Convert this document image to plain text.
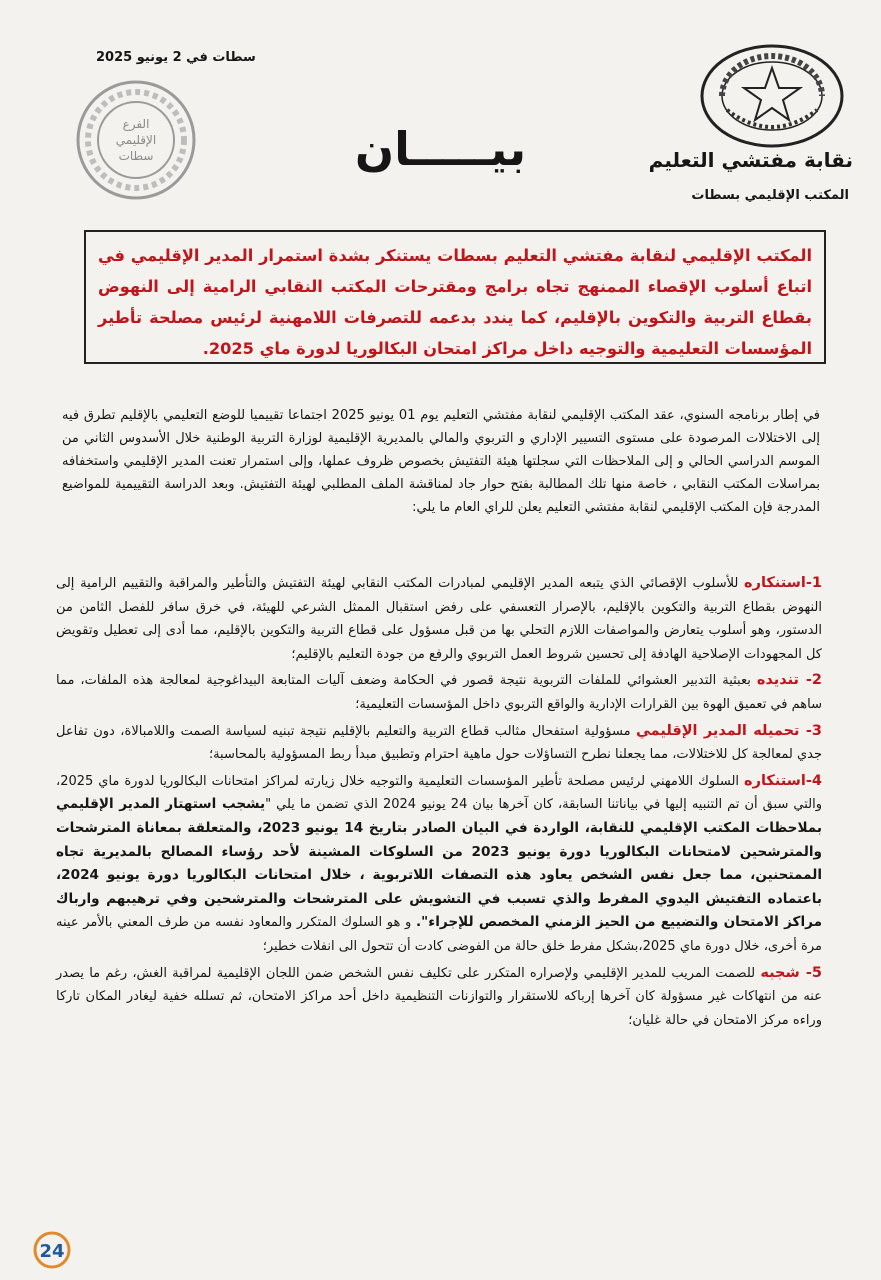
نقابة مفتشي التعليم
المكتب الإقليمي بسطات
سطات في 2 يونيو 2025
الفرع
الإقليمي
سطات	بيـــــان
المكتب الإقليمي لنقابة مفتشي التعليم بسطات يستنكر بشدة استمرار المدير الإقليمي في اتباع أسلوب الإقصاء الممنهج تجاه برامج ومقترحات المكتب النقابي الرامية إلى النهوض بقطاع التربية والتكوين بالإقليم، كما يندد بدعمه للتصرفات اللامهنية لرئيس مصلحة تأطير المؤسسات التعليمية والتوجيه داخل مراكز امتحان البكالوريا لدورة ماي 2025.
في إطار برنامجه السنوي، عقد المكتب الإقليمي لنقابة مفتشي التعليم يوم 01 يونيو 2025 اجتماعا تقييميا للوضع التعليمي بالإقليم تطرق فيه إلى الاختلالات المرصودة على مستوى التسيير الإداري و التربوي والمالي بالمديرية الإقليمية لوزارة التربية الوطنية خلال الأسدوس الثاني من الموسم الدراسي الحالي و إلى الملاحظات التي سجلتها هيئة التفتيش بخصوص ظروف عملها، وإلى استمرار تعنت المدير الإقليمي واستخفافه بمراسلات المكتب النقابي ، خاصة منها تلك المطالبة بفتح حوار جاد لمناقشة الملف المطلبي لهيئة التفتيش. وبعد الدراسة التقييمية للمواضيع المدرجة فإن المكتب الإقليمي لنقابة مفتشي التعليم يعلن للراي العام ما يلي:

1-استنكاره للأسلوب الإقصائي الذي يتبعه المدير الإقليمي لمبادرات المكتب النقابي لهيئة التفتيش والتأطير والمراقبة والتقييم الرامية إلى النهوض بقطاع التربية والتكوين بالإقليم، بالإصرار التعسفي على رفض استقبال الممثل الشرعي للهيئة، في خرق سافر للفصل الثامن من الدستور، وهو أسلوب يتعارض والمواصفات اللازم التحلي بها من قبل مسؤول على قطاع التربية والتكوين بالإقليم، مما أدى إلى تعطيل وتقويض كل المجهودات الإصلاحية الهادفة إلى تحسين شروط العمل التربوي والرفع من جودة التعليم بالإقليم؛

2- تنديده بعبثية التدبير العشوائي للملفات التربوية نتيجة قصور في الحكامة وضعف آليات المتابعة البيداغوجية لمعالجة هذه الملفات، مما ساهم في تعميق الهوة بين القرارات الإدارية والواقع التربوي داخل المؤسسات التعليمية؛

3- تحميله المدير الإقليمي مسؤولية استفحال مثالب قطاع التربية والتعليم بالإقليم نتيجة تبنيه لسياسة الصمت واللامبالاة، دون تفاعل جدي لمعالجة كل للاختلالات، مما يجعلنا نطرح التساؤلات حول ماهية احترام وتطبيق مبدأ ربط المسؤولية بالمحاسبة؛

4-استنكاره السلوك اللامهني لرئيس مصلحة تأطير المؤسسات التعليمية والتوجيه خلال زيارته لمراكز امتحانات البكالوريا لدورة ماي 2025، والتي سبق أن تم التنبيه إليها في بياناتنا السابقة، كان آخرها بيان 24 يونيو 2024 الذي تضمن ما يلي "يشجب استهتار المدير الإقليمي بملاحظات المكتب الإقليمي للنقابة، الواردة في البيان الصادر بتاريخ 14 يونيو 2023، والمتعلقة بمعاناة المترشحات والمترشحين لامتحانات البكالوريا دورة يونيو 2023 من السلوكات المشينة لأحد رؤساء المصالح بالمديرية تجاه الممتحنين، مما جعل نفس الشخص يعاود هذه التصفات اللاتربوية ، خلال امتحانات البكالوريا دورة يونيو 2024، باعتماده التفتيش اليدوي المفرط والذي تسبب في التشويش على المترشحات والمترشحين وفي ترهيبهم وارباك مراكز الامتحان والتضييع من الحيز الزمني المخصص للإجراء". و هو السلوك المتكرر والمعاود نفسه من طرف المعني بالأمر عينه مرة أخرى، خلال دورة ماي 2025،بشكل مفرط خلق حالة من الفوضى كادت أن تتحول الى انفلات خطير؛

5- شجبه للصمت المريب للمدير الإقليمي ولإصراره المتكرر على تكليف نفس الشخص ضمن اللجان الإقليمية لمراقبة الغش، رغم ما يصدر عنه من انتهاكات غير مسؤولة كان آخرها إرباكه للاستقرار والتوازنات التنظيمية داخل أحد مراكز الامتحان، ثم تسلله خفية ليغادر المكان تاركا وراءه مركز الامتحان في حالة غليان؛

24
